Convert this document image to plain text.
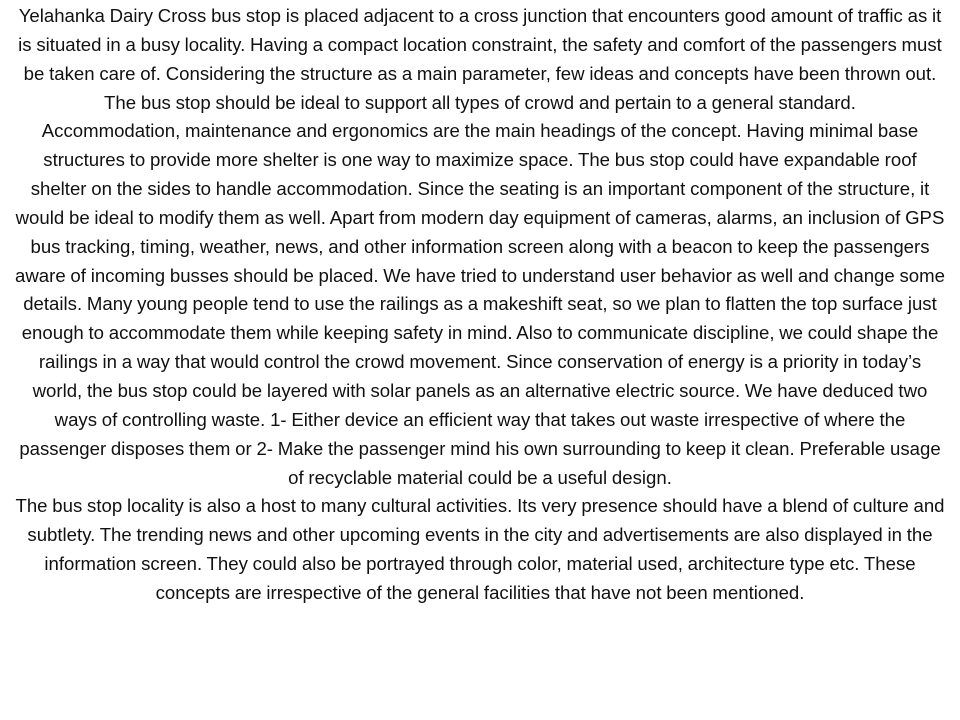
Yelahanka Dairy Cross bus stop is placed adjacent to a cross junction that encounters good amount of traffic as it is situated in a busy locality. Having a compact location constraint, the safety and comfort of the passengers must be taken care of. Considering the structure as a main parameter, few ideas and concepts have been thrown out. The bus stop should be ideal to support all types of crowd and pertain to a general standard.

Accommodation, maintenance and ergonomics are the main headings of the concept. Having minimal base structures to provide more shelter is one way to maximize space. The bus stop could have expandable roof shelter on the sides to handle accommodation. Since the seating is an important component of the structure, it would be ideal to modify them as well. Apart from modern day equipment of cameras, alarms, an inclusion of GPS bus tracking, timing, weather, news, and other information screen along with a beacon to keep the passengers aware of incoming busses should be placed. We have tried to understand user behavior as well and change some details. Many young people tend to use the railings as a makeshift seat, so we plan to flatten the top surface just enough to accommodate them while keeping safety in mind. Also to communicate discipline, we could shape the railings in a way that would control the crowd movement. Since conservation of energy is a priority in today’s world, the bus stop could be layered with solar panels as an alternative electric source. We have deduced two ways of controlling waste. 1- Either device an efficient way that takes out waste irrespective of where the passenger disposes them or 2- Make the passenger mind his own surrounding to keep it clean. Preferable usage of recyclable material could be a useful design.

The bus stop locality is also a host to many cultural activities. Its very presence should have a blend of culture and subtlety. The trending news and other upcoming events in the city and advertisements are also displayed in the information screen. They could also be portrayed through color, material used, architecture type etc. These concepts are irrespective of the general facilities that have not been mentioned.
